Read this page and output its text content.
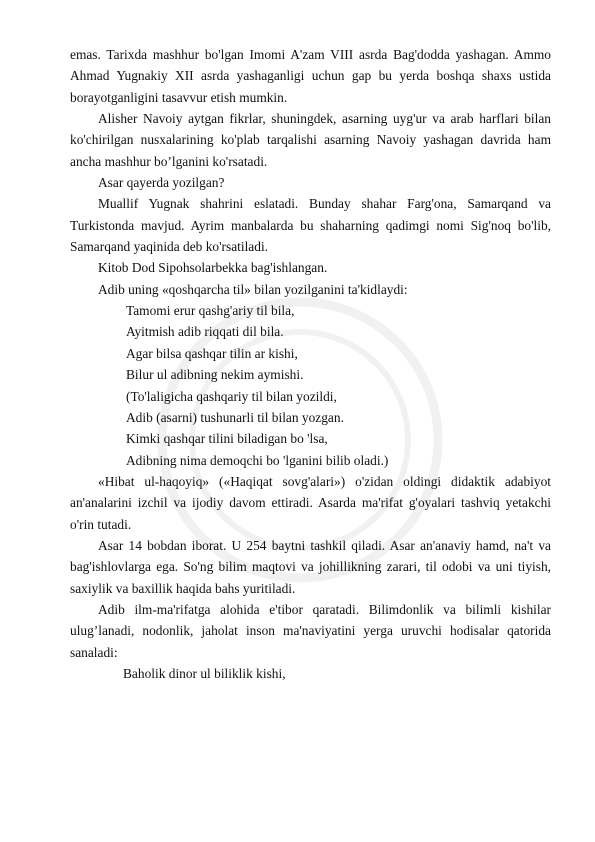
emas. Tarixda mashhur bo'lgan Imomi A'zam VIII asrda Bag'dodda yashagan. Ammo Ahmad Yugnakiy XII asrda yashaganligi uchun gap bu yerda boshqa shaxs ustida borayotganligini tasavvur etish mumkin.

Alisher Navoiy aytgan fikrlar, shuningdek, asarning uyg'ur va arab harflari bilan ko'chirilgan nusxalarining ko'plab tarqalishi asarning Navoiy yashagan davrida ham ancha mashhur bo’lganini ko'rsatadi.

Asar qayerda yozilgan?

Muallif Yugnak shahrini eslatadi. Bunday shahar Farg'ona, Samarqand va Turkistonda mavjud. Ayrim manbalarda bu shaharning qadimgi nomi Sig'noq bo'lib, Samarqand yaqinida deb ko'rsatiladi.

Kitob Dod Sipohsolarbekka bag'ishlangan.

Adib uning «qoshqarcha til» bilan yozilganini ta'kidlaydi:

Tamomi erur qashg'ariy til bila,

Ayitmish adib riqqati dil bila.

Agar bilsa qashqar tilin ar kishi,

Bilur ul adibning nekim aymishi.

(To'laligicha qashqariy til bilan yozildi,

Adib (asarni) tushunarli til bilan yozgan.

Kimki qashqar tilini biladigan bo 'lsa,

Adibning nima demoqchi bo 'lganini bilib oladi.)

«Hibat ul-haqoyiq» («Haqiqat sovg'alari») o'zidan oldingi didaktik adabiyot an'analarini izchil va ijodiy davom ettiradi. Asarda ma'rifat g'oyalari tashviq yetakchi o'rin tutadi.

Asar 14 bobdan iborat. U 254 baytni tashkil qiladi. Asar an'anaviy hamd, na't va bag'ishlovlarga ega. So'ng bilim maqtovi va johillikning zarari, til odobi va uni tiyish, saxiylik va baxillik haqida bahs yuritiladi.

Adib ilm-ma'rifatga alohida e'tibor qaratadi. Bilimdonlik va bilimli kishilar ulug’lanadi, nodonlik, jaholat inson ma'naviyatini yerga uruvchi hodisalar qatorida sanaladi:

Baholik dinor ul biliklik kishi,
